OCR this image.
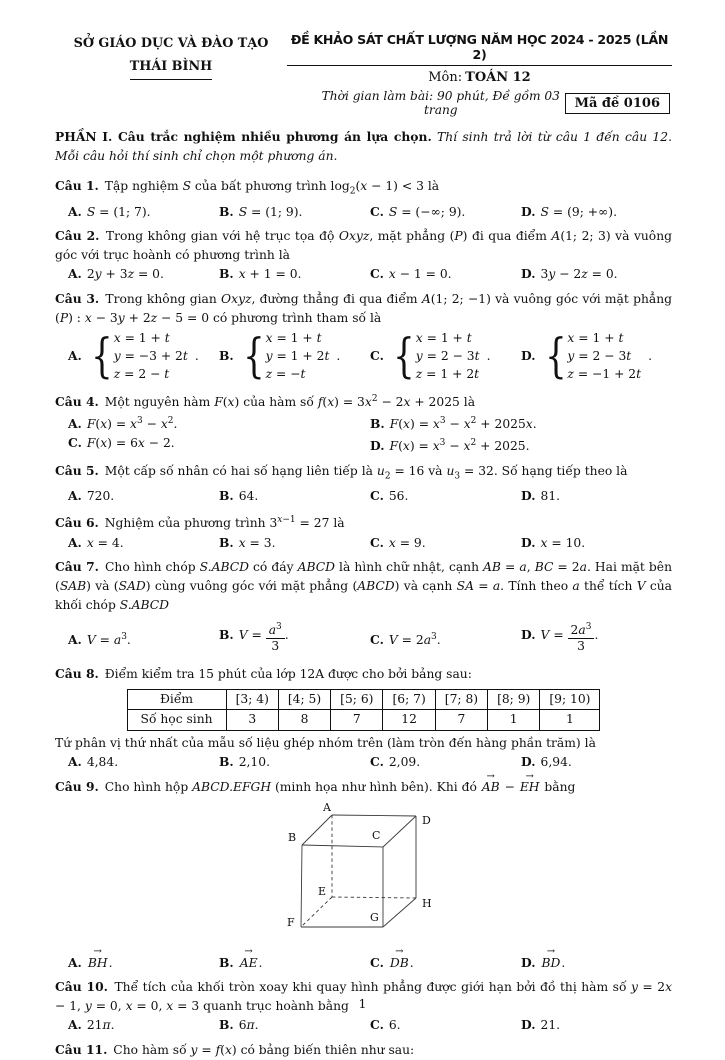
SỞ GIÁO DỤC VÀ ĐÀO TẠO
THÁI BÌNH
ĐỀ KHẢO SÁT CHẤT LƯỢNG NĂM HỌC 2024 - 2025 (LẦN 2)
Môn: TOÁN 12
Thời gian làm bài: 90 phút, Đề gồm 03 trang	Mã đề 0106

PHẦN I. Câu trắc nghiệm nhiều phương án lựa chọn. Thí sinh trả lời từ câu 1 đến câu 12. Mỗi câu hỏi thí sinh chỉ chọn một phương án.

Câu 1. Tập nghiệm S của bất phương trình $\log_2(x - 1) < 3$ là

A. S = (1; 7).	B. S = (1; 9).	C. S = (−∞; 9).	D. S = (9; +∞).

Câu 2. Trong không gian với hệ trục tọa độ Oxyz, mặt phẳng (P) đi qua điểm A(1; 2; 3) và vuông góc với trục hoành có phương trình là

A. 2y + 3z = 0.	B. x + 1 = 0.	C. x − 1 = 0.	D. 3y − 2z = 0.

Câu 3. Trong không gian Oxyz, đường thẳng đi qua điểm A(1; 2; −1) và vuông góc với mặt phẳng (P) : x − 3y + 2z − 5 = 0 có phương trình tham số là

A. { x = 1 + t
y = −3 + 2t
z = 2 − t
. B. { x = 1 + t
y = 1 + 2t
z = −t
. C. { x = 1 + t
y = 2 − 3t
z = 1 + 2t
. D. { x = 1 + t
y = 2 − 3t
z = −1 + 2t
.

Câu 4. Một nguyên hàm F(x) của hàm số $f(x) = 3x^2 - 2x + 2025$ là

A. $F(x) = x^3 - x^2$.	B. $F(x) = x^3 - x^2 + 2025x$.
C. F(x) = 6x − 2.	D. $F(x) = x^3 - x^2 + 2025$.

Câu 5. Một cấp số nhân có hai số hạng liên tiếp là $u_2 = 16$ và $u_3 = 32$. Số hạng tiếp theo là

A. 720.	B. 64.	C. 56.	D. 81.

Câu 6. Nghiệm của phương trình $3^{x-1} = 27$ là

A. x = 4.	B. x = 3.	C. x = 9.	D. x = 10.

Câu 7. Cho hình chóp S.ABCD có đáy ABCD là hình chữ nhật, cạnh AB = a, BC = 2a. Hai mặt bên (SAB) và (SAD) cùng vuông góc với mặt phẳng (ABCD) và cạnh SA = a. Tính theo a thể tích V của khối chóp S.ABCD

A. $V = a^3$.	B. $V = \frac{a^3}{3}$ .	C. $V = 2a^3$.	D. $V = \frac{2a^3}{3}$ .

Câu 8. Điểm kiểm tra 15 phút của lớp 12A được cho bởi bảng sau:

Điểm	[3; 4)	[4; 5)	[5; 6)	[6; 7)	[7; 8)	[8; 9)	[9; 10)
Số học sinh	3	8	7	12	7	1	1

Tứ phân vị thứ nhất của mẫu số liệu ghép nhóm trên (làm tròn đến hàng phần trăm) là

A. 4,84.	B. 2,10.	C. 2,09.	D. 6,94.

Câu 9. Cho hình hộp ABCD.EFGH (minh họa như hình bên). Khi đó AB → − EH → bằng

A
B	C
D
E
F	G
H
A. BH →.	B. AE →.	C. DB →.	D. BD →.

Câu 10. Thể tích của khối tròn xoay khi quay hình phẳng được giới hạn bởi đồ thị hàm số y = 2x − 1, y = 0, x = 0, x = 3 quanh trục hoành bằng

A. 21π.	B. 6π.	C. 6.	D. 21.

Câu 11. Cho hàm số y = f(x) có bảng biến thiên như sau:

1
